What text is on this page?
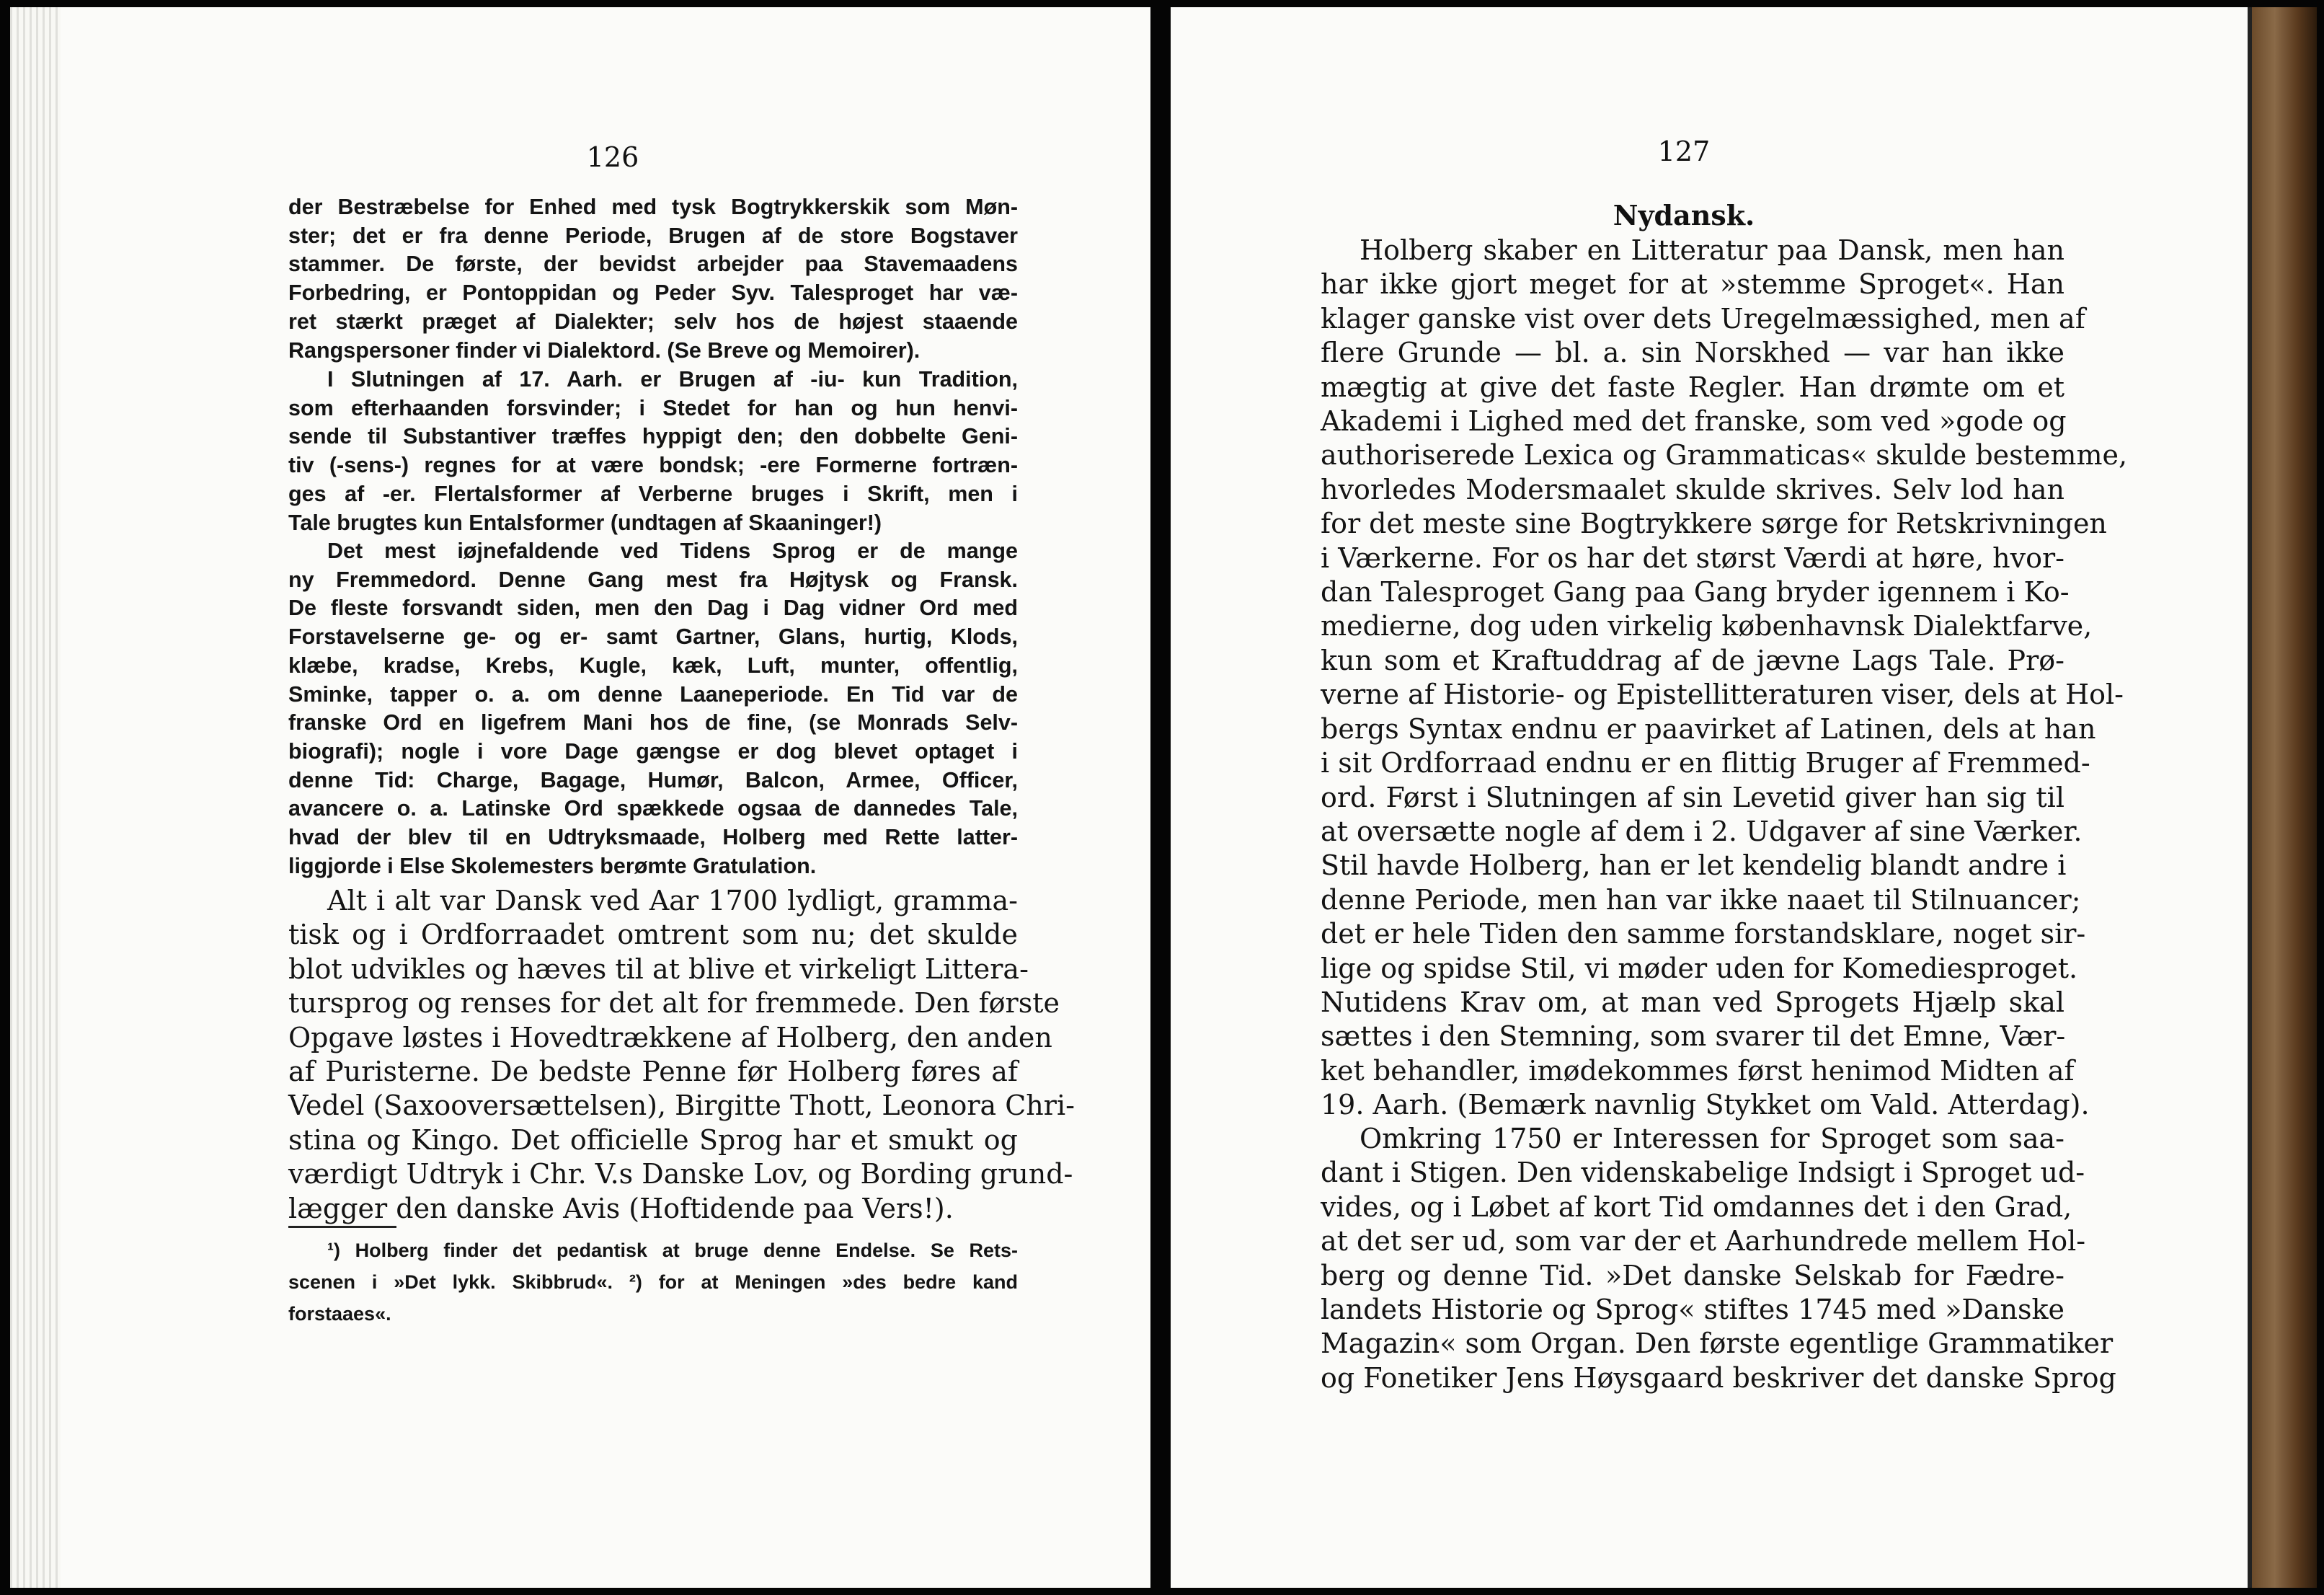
126
der Bestræbelse for Enhed med tysk Bogtrykkerskik som Møn-
ster; det er fra denne Periode, Brugen af de store Bogstaver
stammer. De første, der bevidst arbejder paa Stavemaadens
Forbedring, er Pontoppidan og Peder Syv. Talesproget har væ-
ret stærkt præget af Dialekter; selv hos de højest staaende
Rangspersoner finder vi Dialektord. (Se Breve og Memoirer).
I Slutningen af 17. Aarh. er Brugen af -iu- kun Tradition,
som efterhaanden forsvinder; i Stedet for han og hun henvi-
sende til Substantiver træffes hyppigt den; den dobbelte Geni-
tiv (-sens-) regnes for at være bondsk; -ere Formerne fortræn-
ges af -er. Flertalsformer af Verberne bruges i Skrift, men i
Tale brugtes kun Entalsformer (undtagen af Skaaninger!)
Det mest iøjnefaldende ved Tidens Sprog er de mange
ny Fremmedord. Denne Gang mest fra Højtysk og Fransk.
De fleste forsvandt siden, men den Dag i Dag vidner Ord med
Forstavelserne ge- og er- samt Gartner, Glans, hurtig, Klods,
klæbe, kradse, Krebs, Kugle, kæk, Luft, munter, offentlig,
Sminke, tapper o. a. om denne Laaneperiode. En Tid var de
franske Ord en ligefrem Mani hos de fine, (se Monrads Selv-
biografi); nogle i vore Dage gængse er dog blevet optaget i
denne Tid: Charge, Bagage, Humør, Balcon, Armee, Officer,
avancere o. a. Latinske Ord spækkede ogsaa de dannedes Tale,
hvad der blev til en Udtryksmaade, Holberg med Rette latter-
liggjorde i Else Skolemesters berømte Gratulation.
Alt i alt var Dansk ved Aar 1700 lydligt, gramma-
tisk og i Ordforraadet omtrent som nu; det skulde
blot udvikles og hæves til at blive et virkeligt Littera-
tursprog og renses for det alt for fremmede. Den første
Opgave løstes i Hovedtrækkene af Holberg, den anden
af Puristerne. De bedste Penne før Holberg føres af
Vedel (Saxooversættelsen), Birgitte Thott, Leonora Chri-
stina og Kingo. Det officielle Sprog har et smukt og
værdigt Udtryk i Chr. V.s Danske Lov, og Bording grund-
lægger den danske Avis (Hoftidende paa Vers!).
¹) Holberg finder det pedantisk at bruge denne Endelse. Se Rets-
scenen i »Det lykk. Skibbrud«. ²) for at Meningen »des bedre kand
forstaaes«.
127
Nydansk.
Holberg skaber en Litteratur paa Dansk, men han
har ikke gjort meget for at »stemme Sproget«. Han
klager ganske vist over dets Uregelmæssighed, men af
flere Grunde — bl. a. sin Norskhed — var han ikke
mægtig at give det faste Regler. Han drømte om et
Akademi i Lighed med det franske, som ved »gode og
authoriserede Lexica og Grammaticas« skulde bestemme,
hvorledes Modersmaalet skulde skrives. Selv lod han
for det meste sine Bogtrykkere sørge for Retskrivningen
i Værkerne. For os har det størst Værdi at høre, hvor-
dan Talesproget Gang paa Gang bryder igennem i Ko-
medierne, dog uden virkelig københavnsk Dialektfarve,
kun som et Kraftuddrag af de jævne Lags Tale. Prø-
verne af Historie- og Epistellitteraturen viser, dels at Hol-
bergs Syntax endnu er paavirket af Latinen, dels at han
i sit Ordforraad endnu er en flittig Bruger af Fremmed-
ord. Først i Slutningen af sin Levetid giver han sig til
at oversætte nogle af dem i 2. Udgaver af sine Værker.
Stil havde Holberg, han er let kendelig blandt andre i
denne Periode, men han var ikke naaet til Stilnuancer;
det er hele Tiden den samme forstandsklare, noget sir-
lige og spidse Stil, vi møder uden for Komediesproget.
Nutidens Krav om, at man ved Sprogets Hjælp skal
sættes i den Stemning, som svarer til det Emne, Vær-
ket behandler, imødekommes først henimod Midten af
19. Aarh. (Bemærk navnlig Stykket om Vald. Atterdag).
Omkring 1750 er Interessen for Sproget som saa-
dant i Stigen. Den videnskabelige Indsigt i Sproget ud-
vides, og i Løbet af kort Tid omdannes det i den Grad,
at det ser ud, som var der et Aarhundrede mellem Hol-
berg og denne Tid. »Det danske Selskab for Fædre-
landets Historie og Sprog« stiftes 1745 med »Danske
Magazin« som Organ. Den første egentlige Grammatiker
og Fonetiker Jens Høysgaard beskriver det danske Sprog
